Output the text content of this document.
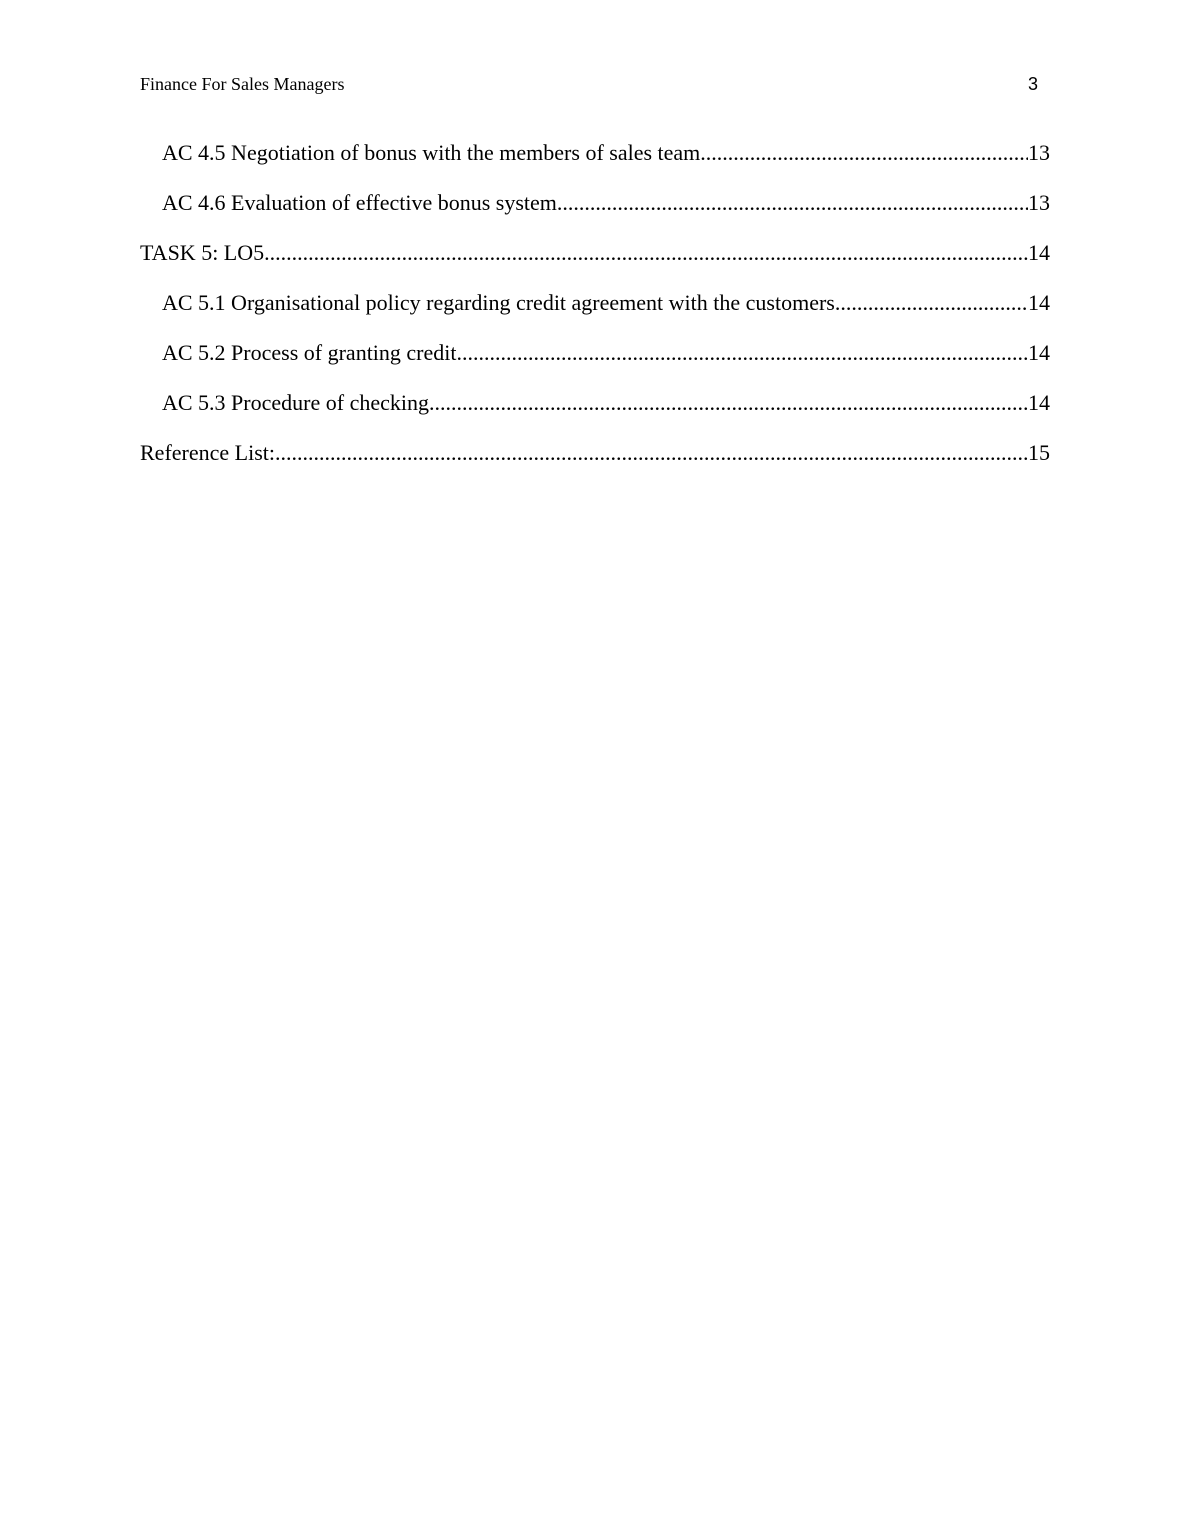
Finance For Sales Managers	3
AC 4.5 Negotiation of bonus with the members of sales team .....	13
AC 4.6 Evaluation of effective bonus system .....	13
TASK 5: LO5 .....	14
AC 5.1 Organisational policy regarding credit agreement with the customers .....	14
AC 5.2 Process of granting credit .....	14
AC 5.3 Procedure of checking .....	14
Reference List: .....	15
